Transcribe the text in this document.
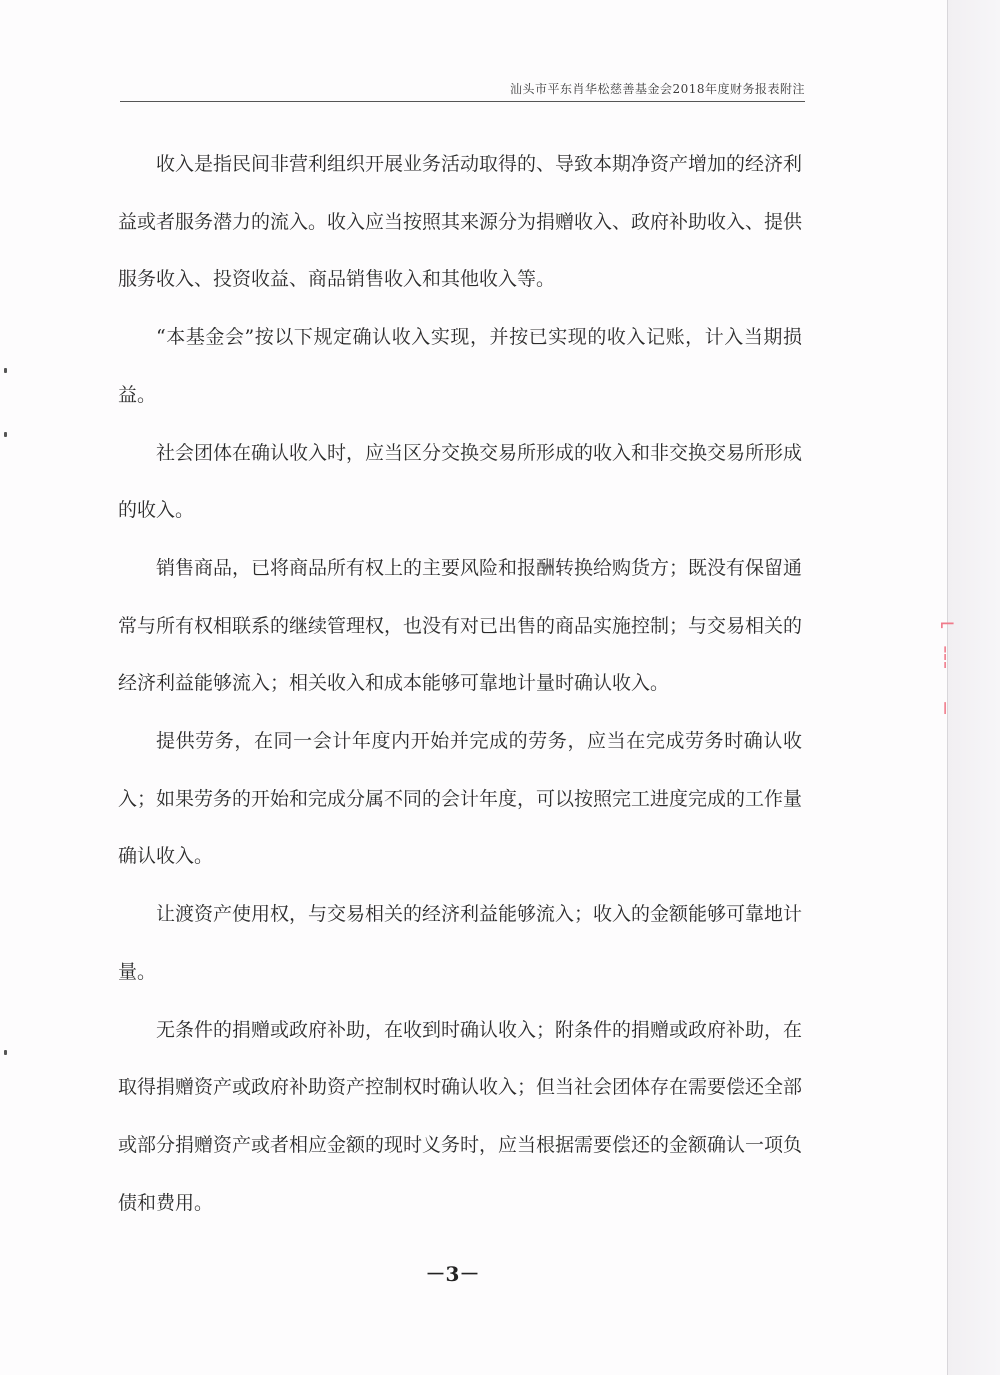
⌐
┆
╵
汕头市平东肖华松慈善基金会2018年度财务报表附注

收入是指民间非营利组织开展业务活动取得的、导致本期净资产增加的经济利益或者服务潜力的流入。收入应当按照其来源分为捐赠收入、政府补助收入、提供服务收入、投资收益、商品销售收入和其他收入等。

“本基金会”按以下规定确认收入实现，并按已实现的收入记账，计入当期损益。

社会团体在确认收入时，应当区分交换交易所形成的收入和非交换交易所形成的收入。

销售商品，已将商品所有权上的主要风险和报酬转换给购货方；既没有保留通常与所有权相联系的继续管理权，也没有对已出售的商品实施控制；与交易相关的经济利益能够流入；相关收入和成本能够可靠地计量时确认收入。

提供劳务，在同一会计年度内开始并完成的劳务，应当在完成劳务时确认收入；如果劳务的开始和完成分属不同的会计年度，可以按照完工进度完成的工作量确认收入。

让渡资产使用权，与交易相关的经济利益能够流入；收入的金额能够可靠地计量。

无条件的捐赠或政府补助，在收到时确认收入；附条件的捐赠或政府补助，在取得捐赠资产或政府补助资产控制权时确认收入；但当社会团体存在需要偿还全部或部分捐赠资产或者相应金额的现时义务时，应当根据需要偿还的金额确认一项负债和费用。

－3－
